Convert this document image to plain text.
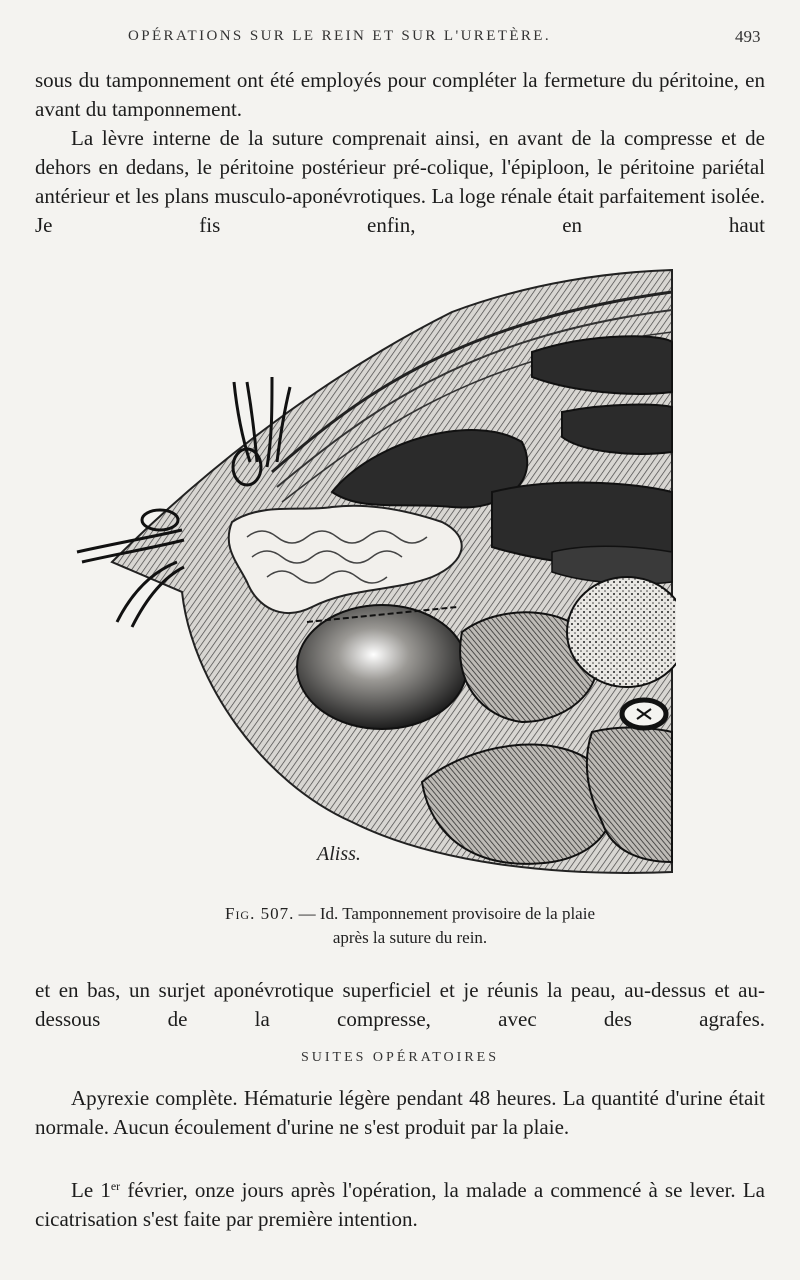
OPÉRATIONS SUR LE REIN ET SUR L'URETÈRE.	493

sous du tamponnement ont été employés pour compléter la fermeture du péritoine, en avant du tamponnement.

La lèvre interne de la suture comprenait ainsi, en avant de la compresse et de dehors en dedans, le péritoine postérieur pré-colique, l'épiploon, le péritoine pariétal antérieur et les plans musculo-aponévrotiques. La loge rénale était parfaitement isolée. Je fis enfin, en haut

Aliss.
Fig. 507. — Id. Tamponnement provisoire de la plaie
après la suture du rein.

et en bas, un surjet aponévrotique superficiel et je réunis la peau, au-dessus et au-dessous de la compresse, avec des agrafes.

SUITES OPÉRATOIRES

Apyrexie complète. Hématurie légère pendant 48 heures. La quantité d'urine était normale. Aucun écoulement d'urine ne s'est produit par la plaie.

Le 1er février, onze jours après l'opération, la malade a commencé à se lever. La cicatrisation s'est faite par première intention.
